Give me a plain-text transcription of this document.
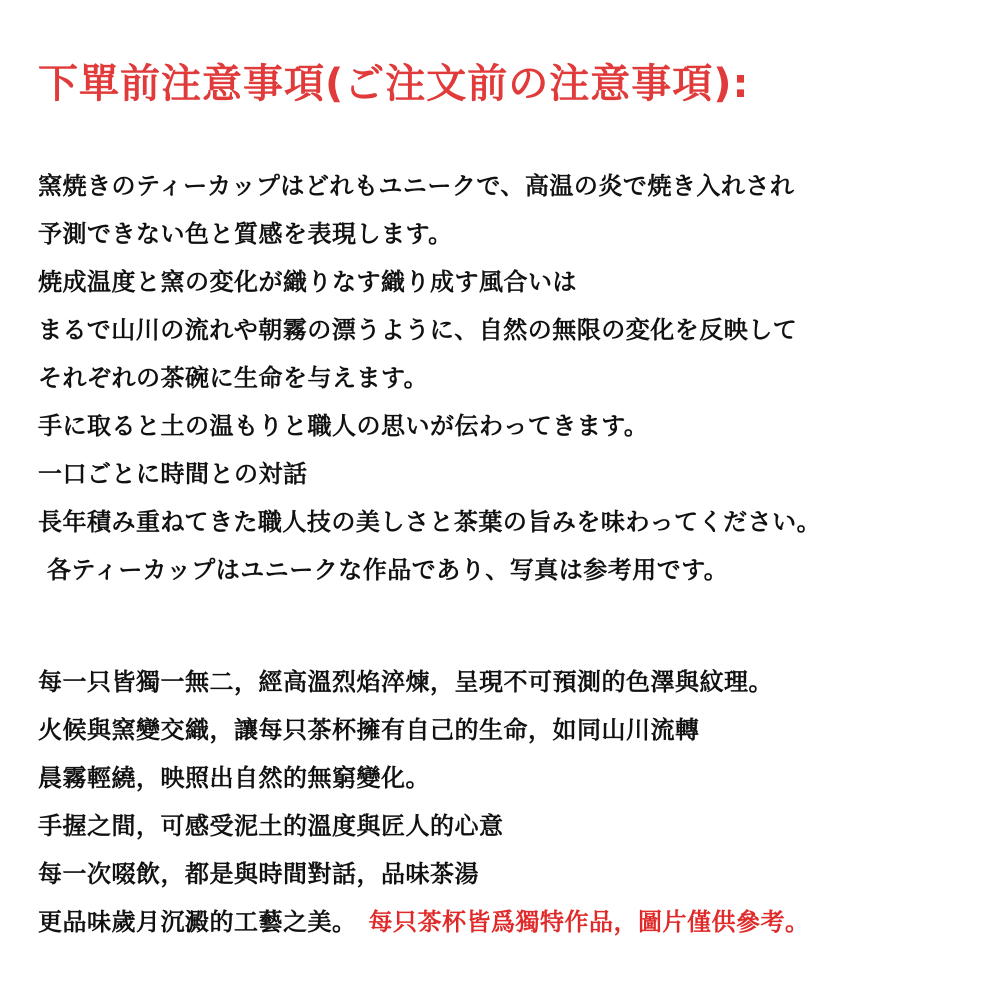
下單前注意事項(ご注文前の注意事項):
窯焼きのティーカップはどれもユニークで、高温の炎で焼き入れされ
予測できない色と質感を表現します。
焼成温度と窯の変化が織りなす織り成す風合いは
まるで山川の流れや朝霧の漂うように、自然の無限の変化を反映して
それぞれの茶碗に生命を与えます。
手に取ると土の温もりと職人の思いが伝わってきます。
一口ごとに時間との対話
長年積み重ねてきた職人技の美しさと茶葉の旨みを味わってください。
各ティーカップはユニークな作品であり、写真は参考用です。
每一只皆獨一無二，經高溫烈焰淬煉，呈現不可預測的色澤與紋理。
火候與窯變交織，讓每只茶杯擁有自己的生命，如同山川流轉
晨霧輕繞，映照出自然的無窮變化。
手握之間，可感受泥土的溫度與匠人的心意
每一次啜飲，都是與時間對話，品味茶湯
更品味歲月沉澱的工藝之美。 每只茶杯皆爲獨特作品，圖片僅供參考。
